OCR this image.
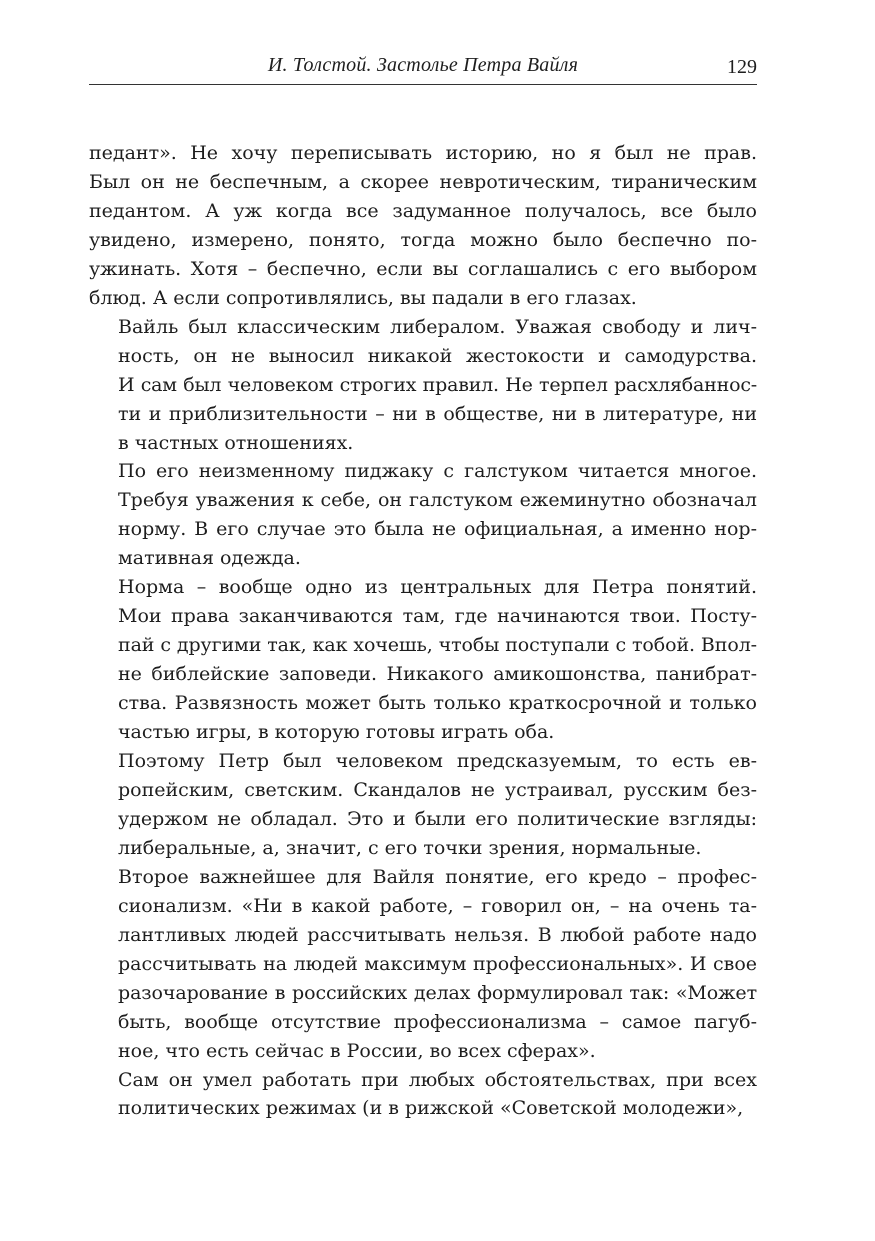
И. Толстой. Застолье Петра Вайля	129

педант». Не хочу переписывать историю, но я был не прав.
Был он не беспечным, а скорее невротическим, тираническим
педантом. А уж когда все задуманное получалось, все было
увидено, измерено, понято, тогда можно было беспечно по-
ужинать. Хотя – беспечно, если вы соглашались с его выбором
блюд. А если сопротивлялись, вы падали в его глазах.

Вайль был классическим либералом. Уважая свободу и лич-
ность, он не выносил никакой жестокости и самодурства.
И сам был человеком строгих правил. Не терпел расхлябаннос-
ти и приблизительности – ни в обществе, ни в литературе, ни
в частных отношениях.

По его неизменному пиджаку с галстуком читается многое.
Требуя уважения к себе, он галстуком ежеминутно обозначал
норму. В его случае это была не официальная, а именно нор-
мативная одежда.

Норма – вообще одно из центральных для Петра понятий.
Мои права заканчиваются там, где начинаются твои. Посту-
пай с другими так, как хочешь, чтобы поступали с тобой. Впол-
не библейские заповеди. Никакого амикошонства, панибрат-
ства. Развязность может быть только краткосрочной и только
частью игры, в которую готовы играть оба.

Поэтому Петр был человеком предсказуемым, то есть ев-
ропейским, светским. Скандалов не устраивал, русским без-
удержом не обладал. Это и были его политические взгляды:
либеральные, а, значит, с его точки зрения, нормальные.

Второе важнейшее для Вайля понятие, его кредо – профес-
сионализм. «Ни в какой работе, – говорил он, – на очень та-
лантливых людей рассчитывать нельзя. В любой работе надо
рассчитывать на людей максимум профессиональных». И свое
разочарование в российских делах формулировал так: «Может
быть, вообще отсутствие профессионализма – самое пагуб-
ное, что есть сейчас в России, во всех сферах».

Сам он умел работать при любых обстоятельствах, при всех
политических режимах (и в рижской «Советской молодежи»,
